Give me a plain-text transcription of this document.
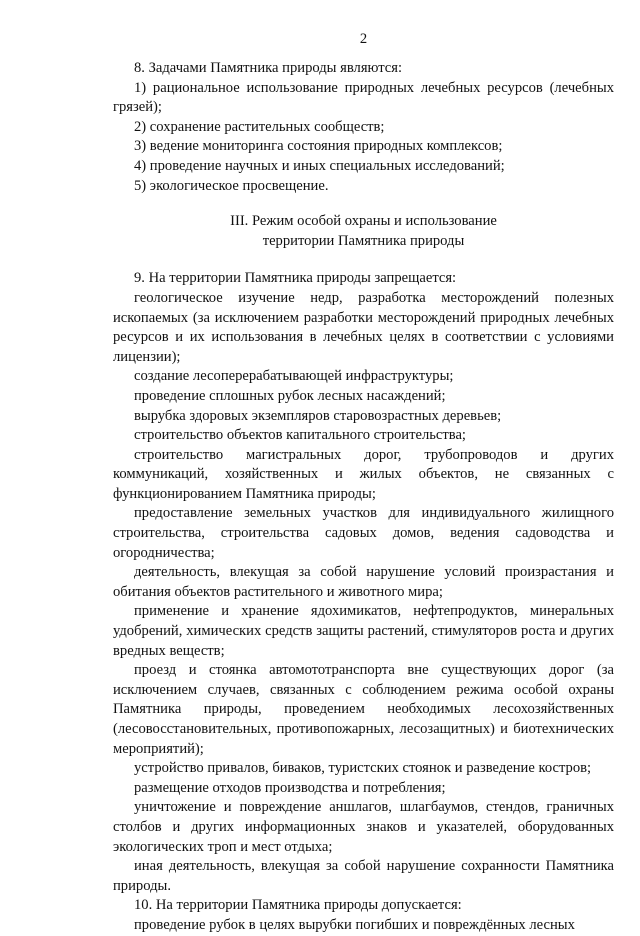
2

8. Задачами Памятника природы являются:

1) рациональное использование природных лечебных ресурсов (лечебных грязей);

2) сохранение растительных сообществ;

3) ведение мониторинга состояния природных комплексов;

4) проведение научных и иных специальных исследований;

5) экологическое просвещение.

III. Режим особой охраны и использование
территории Памятника природы

9. На территории Памятника природы запрещается:

геологическое изучение недр, разработка месторождений полезных ископаемых (за исключением разработки месторождений природных лечебных ресурсов и их использования в лечебных целях в соответствии с условиями лицензии);

создание лесоперерабатывающей инфраструктуры;

проведение сплошных рубок лесных насаждений;

вырубка здоровых экземпляров старовозрастных деревьев;

строительство объектов капитального строительства;

строительство магистральных дорог, трубопроводов и других коммуникаций, хозяйственных и жилых объектов, не связанных с функционированием Памятника природы;

предоставление земельных участков для индивидуального жилищного строительства, строительства садовых домов, ведения садоводства и огородничества;

деятельность, влекущая за собой нарушение условий произрастания и обитания объектов растительного и животного мира;

применение и хранение ядохимикатов, нефтепродуктов, минеральных удобрений, химических средств защиты растений, стимуляторов роста и других вредных веществ;

проезд и стоянка автомототранспорта вне существующих дорог (за исключением случаев, связанных с соблюдением режима особой охраны Памятника природы, проведением необходимых лесохозяйственных (лесовосстановительных, противопожарных, лесозащитных) и биотехнических мероприятий);

устройство привалов, биваков, туристских стоянок и разведение костров;

размещение отходов производства и потребления;

уничтожение и повреждение аншлагов, шлагбаумов, стендов, граничных столбов и других информационных знаков и указателей, оборудованных экологических троп и мест отдыха;

иная деятельность, влекущая за собой нарушение сохранности Памятника природы.

10. На территории Памятника природы допускается:

проведение рубок в целях вырубки погибших и повреждённых лесных
